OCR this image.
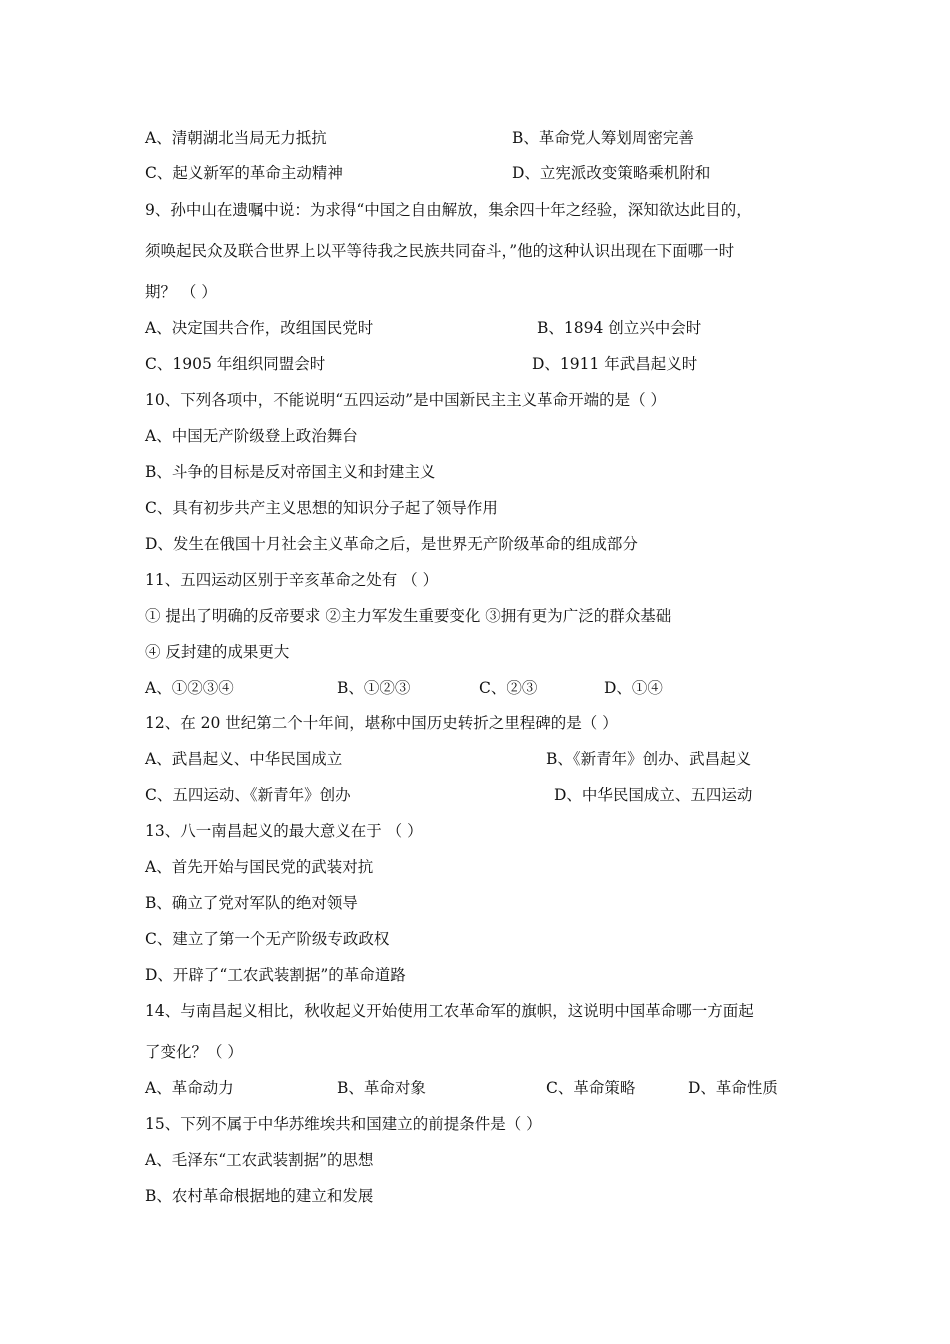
A、清朝湖北当局无力抵抗	B、革命党人筹划周密完善
C、起义新军的革命主动精神	D、立宪派改变策略乘机附和
9、孙中山在遗嘱中说：为求得“中国之自由解放，集余四十年之经验，深知欲达此目的，
须唤起民众及联合世界上以平等待我之民族共同奋斗，”他的这种认识出现在下面哪一时
期？ （ ）
A、决定国共合作，改组国民党时	B、1894 创立兴中会时
C、1905 年组织同盟会时	D、1911 年武昌起义时
10、下列各项中，不能说明“五四运动”是中国新民主主义革命开端的是（ ）
A、中国无产阶级登上政治舞台
B、斗争的目标是反对帝国主义和封建主义
C、具有初步共产主义思想的知识分子起了领导作用
D、发生在俄国十月社会主义革命之后，是世界无产阶级革命的组成部分
11、五四运动区别于辛亥革命之处有 （ ）
① 提出了明确的反帝要求 ②主力军发生重要变化 ③拥有更为广泛的群众基础
④ 反封建的成果更大
A、①②③④	B、①②③	C、②③	D、①④
12、在 20 世纪第二个十年间，堪称中国历史转折之里程碑的是（ ）
A、武昌起义、中华民国成立	B、《新青年》创办、武昌起义
C、五四运动、《新青年》创办	D、中华民国成立、五四运动
13、八一南昌起义的最大意义在于 （ ）
A、首先开始与国民党的武装对抗
B、确立了党对军队的绝对领导
C、建立了第一个无产阶级专政政权
D、开辟了“工农武装割据”的革命道路
14、与南昌起义相比，秋收起义开始使用工农革命军的旗帜，这说明中国革命哪一方面起
了变化？（ ）
A、革命动力	B、革命对象	C、革命策略	D、革命性质
15、下列不属于中华苏维埃共和国建立的前提条件是（ ）
A、毛泽东“工农武装割据”的思想
B、农村革命根据地的建立和发展
